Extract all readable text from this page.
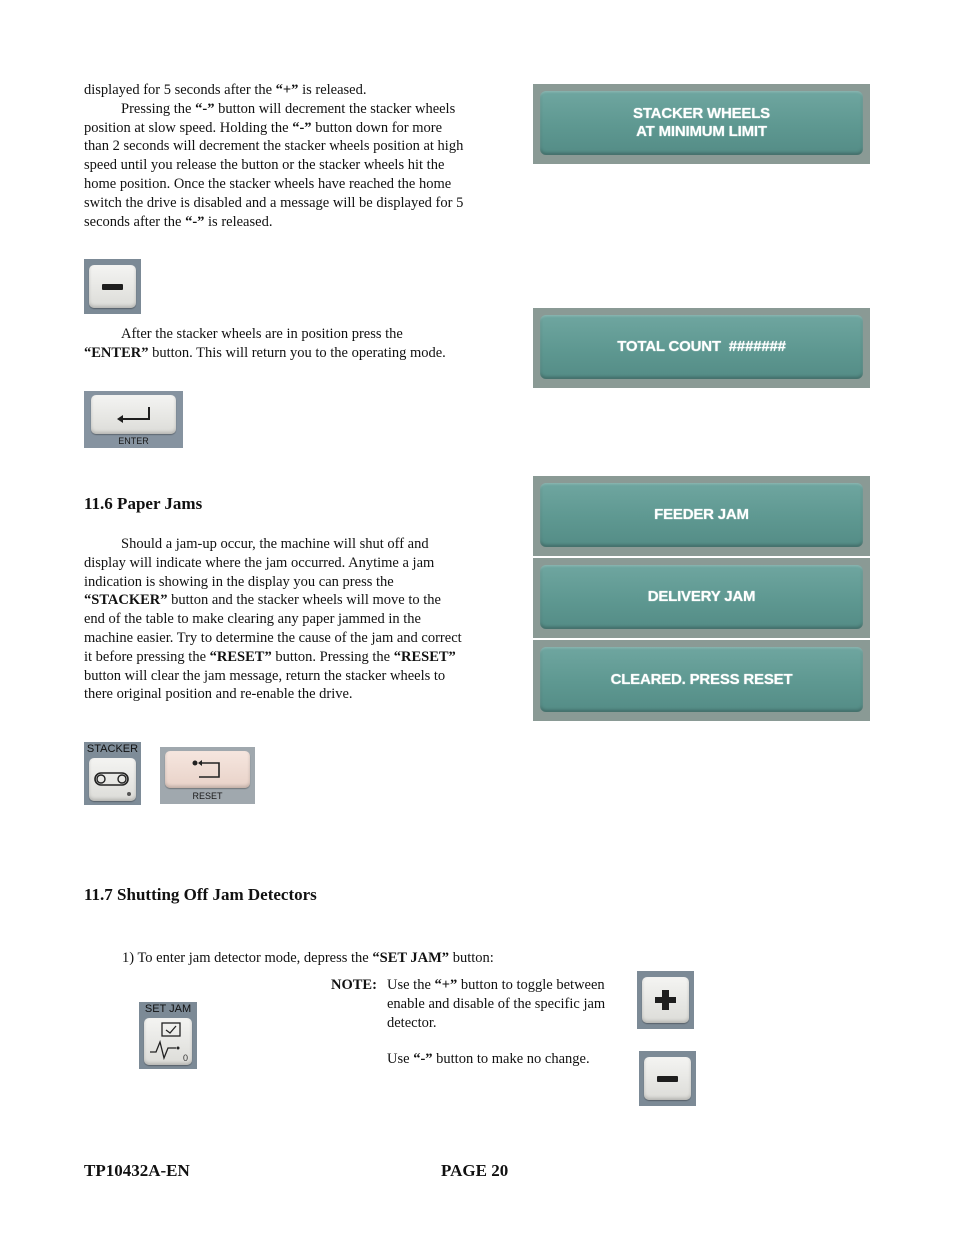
displayed for 5 seconds after the “+” is released.
Pressing the “-” button will decrement the stacker wheels position at slow speed. Holding the “-” button down for more than 2 seconds will decrement the stacker wheels position at high speed until you release the button or the stacker wheels hit the home position. Once the stacker wheels have reached the home switch the drive is disabled and a message will be displayed for 5 seconds after the “-” is released.
After the stacker wheels are in position press the “ENTER” button. This will return you to the operating mode.
ENTER
11.6 Paper Jams
Should a jam-up occur, the machine will shut off and display will indicate where the jam occurred. Anytime a jam indication is showing in the display you can press the “STACKER” button and the stacker wheels will move to the end of the table to make clearing any paper jammed in the machine easier. Try to determine the cause of the jam and correct it before pressing the “RESET” button. Pressing the “RESET” button will clear the jam message, return the stacker wheels to there original position and re-enable the drive.
STACKER
RESET
STACKER WHEELS
AT MINIMUM LIMIT
TOTAL COUNT  #######
FEEDER JAM
DELIVERY JAM
CLEARED. PRESS RESET
11.7 Shutting Off Jam Detectors
1) To enter jam detector mode, depress the “SET JAM” button:
SET JAM
0
NOTE: Use the “+” button to toggle between enable and disable of the specific jam detector.
Use “-” button to make no change.
TP10432A-EN	PAGE 20
